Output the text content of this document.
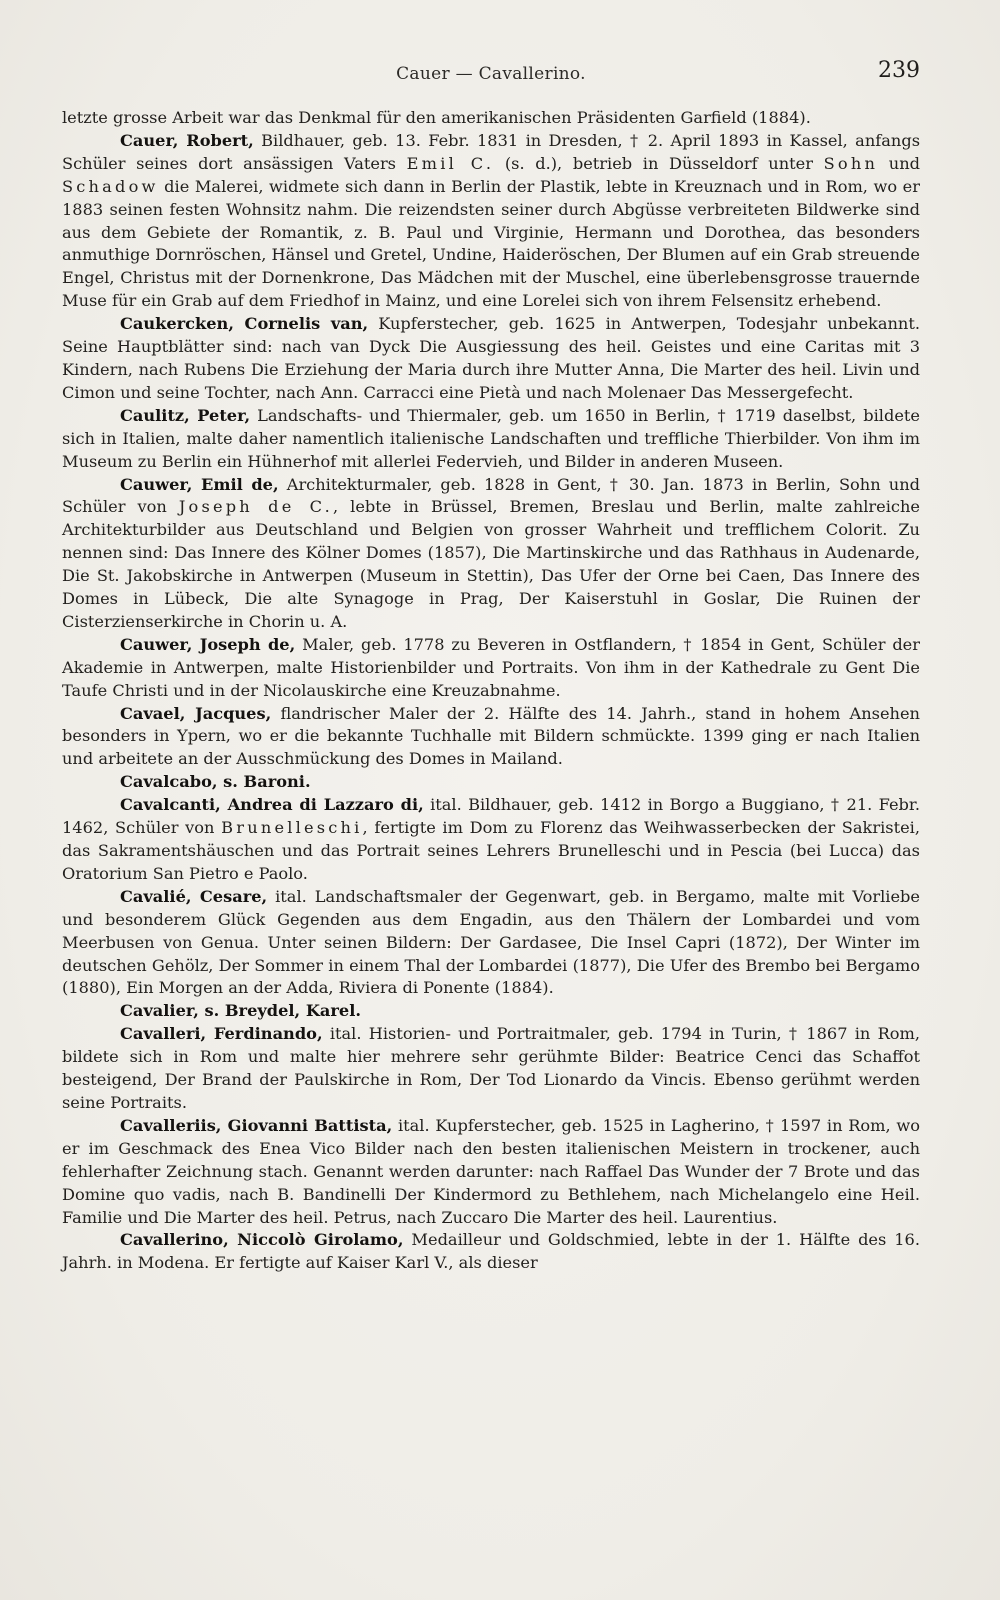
Cauer — Cavallerino.	239

letzte grosse Arbeit war das Denkmal für den amerikanischen Präsidenten Garfield (1884).

Cauer, Robert, Bildhauer, geb. 13. Febr. 1831 in Dresden, † 2. April 1893 in Kassel, anfangs Schüler seines dort ansässigen Vaters Emil C. (s. d.), betrieb in Düsseldorf unter Sohn und Schadow die Malerei, widmete sich dann in Berlin der Plastik, lebte in Kreuznach und in Rom, wo er 1883 seinen festen Wohnsitz nahm. Die reizendsten seiner durch Abgüsse verbreiteten Bildwerke sind aus dem Gebiete der Romantik, z. B. Paul und Virginie, Hermann und Dorothea, das besonders anmuthige Dornröschen, Hänsel und Gretel, Undine, Haideröschen, Der Blumen auf ein Grab streuende Engel, Christus mit der Dornenkrone, Das Mädchen mit der Muschel, eine überlebensgrosse trauernde Muse für ein Grab auf dem Friedhof in Mainz, und eine Lorelei sich von ihrem Felsensitz erhebend.

Caukercken, Cornelis van, Kupferstecher, geb. 1625 in Antwerpen, Todesjahr unbekannt. Seine Hauptblätter sind: nach van Dyck Die Ausgiessung des heil. Geistes und eine Caritas mit 3 Kindern, nach Rubens Die Erziehung der Maria durch ihre Mutter Anna, Die Marter des heil. Livin und Cimon und seine Tochter, nach Ann. Carracci eine Pietà und nach Molenaer Das Messergefecht.

Caulitz, Peter, Landschafts- und Thiermaler, geb. um 1650 in Berlin, † 1719 daselbst, bildete sich in Italien, malte daher namentlich italienische Landschaften und treffliche Thierbilder. Von ihm im Museum zu Berlin ein Hühnerhof mit allerlei Federvieh, und Bilder in anderen Museen.

Cauwer, Emil de, Architekturmaler, geb. 1828 in Gent, † 30. Jan. 1873 in Berlin, Sohn und Schüler von Joseph de C., lebte in Brüssel, Bremen, Breslau und Berlin, malte zahlreiche Architekturbilder aus Deutschland und Belgien von grosser Wahrheit und trefflichem Colorit. Zu nennen sind: Das Innere des Kölner Domes (1857), Die Martinskirche und das Rathhaus in Audenarde, Die St. Jakobskirche in Antwerpen (Museum in Stettin), Das Ufer der Orne bei Caen, Das Innere des Domes in Lübeck, Die alte Synagoge in Prag, Der Kaiserstuhl in Goslar, Die Ruinen der Cisterzienserkirche in Chorin u. A.

Cauwer, Joseph de, Maler, geb. 1778 zu Beveren in Ostflandern, † 1854 in Gent, Schüler der Akademie in Antwerpen, malte Historienbilder und Portraits. Von ihm in der Kathedrale zu Gent Die Taufe Christi und in der Nicolauskirche eine Kreuzabnahme.

Cavael, Jacques, flandrischer Maler der 2. Hälfte des 14. Jahrh., stand in hohem Ansehen besonders in Ypern, wo er die bekannte Tuchhalle mit Bildern schmückte. 1399 ging er nach Italien und arbeitete an der Ausschmückung des Domes in Mailand.

Cavalcabo, s. Baroni.

Cavalcanti, Andrea di Lazzaro di, ital. Bildhauer, geb. 1412 in Borgo a Buggiano, † 21. Febr. 1462, Schüler von Brunelleschi, fertigte im Dom zu Florenz das Weihwasserbecken der Sakristei, das Sakramentshäuschen und das Portrait seines Lehrers Brunelleschi und in Pescia (bei Lucca) das Oratorium San Pietro e Paolo.

Cavalié, Cesare, ital. Landschaftsmaler der Gegenwart, geb. in Bergamo, malte mit Vorliebe und besonderem Glück Gegenden aus dem Engadin, aus den Thälern der Lombardei und vom Meerbusen von Genua. Unter seinen Bildern: Der Gardasee, Die Insel Capri (1872), Der Winter im deutschen Gehölz, Der Sommer in einem Thal der Lombardei (1877), Die Ufer des Brembo bei Bergamo (1880), Ein Morgen an der Adda, Riviera di Ponente (1884).

Cavalier, s. Breydel, Karel.

Cavalleri, Ferdinando, ital. Historien- und Portraitmaler, geb. 1794 in Turin, † 1867 in Rom, bildete sich in Rom und malte hier mehrere sehr gerühmte Bilder: Beatrice Cenci das Schaffot besteigend, Der Brand der Paulskirche in Rom, Der Tod Lionardo da Vincis. Ebenso gerühmt werden seine Portraits.

Cavalleriis, Giovanni Battista, ital. Kupferstecher, geb. 1525 in Lagherino, † 1597 in Rom, wo er im Geschmack des Enea Vico Bilder nach den besten italienischen Meistern in trockener, auch fehlerhafter Zeichnung stach. Genannt werden darunter: nach Raffael Das Wunder der 7 Brote und das Domine quo vadis, nach B. Bandinelli Der Kindermord zu Bethlehem, nach Michelangelo eine Heil. Familie und Die Marter des heil. Petrus, nach Zuccaro Die Marter des heil. Laurentius.

Cavallerino, Niccolò Girolamo, Medailleur und Goldschmied, lebte in der 1. Hälfte des 16. Jahrh. in Modena. Er fertigte auf Kaiser Karl V., als dieser
